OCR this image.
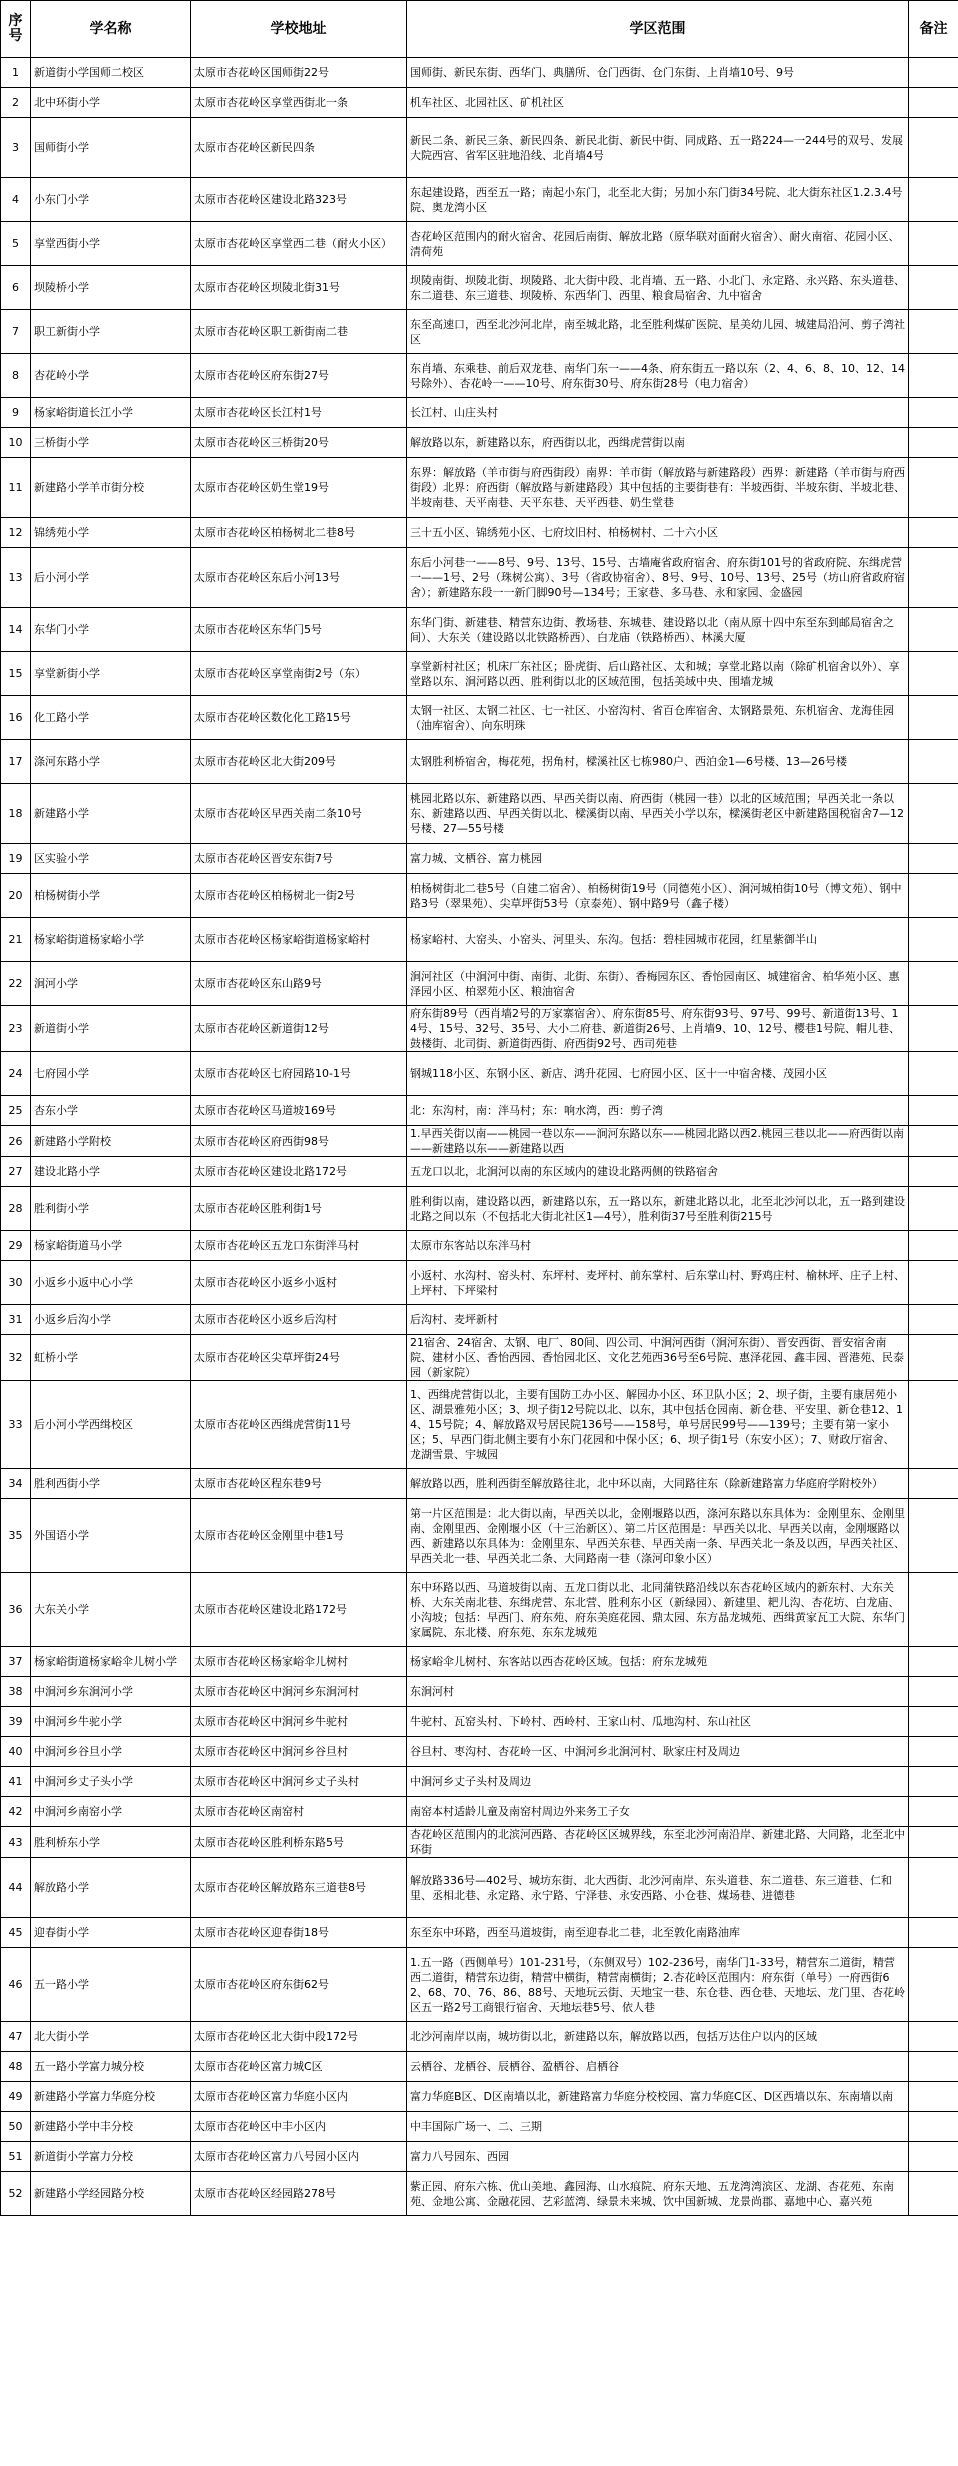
序号	学名称	学校地址	学区范围	备注
1	新道街小学国师二校区	太原市杏花岭区国师街22号	国师街、新民东街、西华门、典膳所、仓门西街、仓门东街、上肖墙10号、9号	
2	北中环街小学	太原市杏花岭区享堂西街北一条	机车社区、北园社区、矿机社区	
3	国师街小学	太原市杏花岭区新民四条	新民二条、新民三条、新民四条、新民北街、新民中街、同成路、五一路224—一244号的双号、发展大院西宫、省军区驻地沿线、北肖墙4号	
4	小东门小学	太原市杏花岭区建设北路323号	东起建设路，西至五一路；南起小东门，北至北大街；另加小东门街34号院、北大街东社区1.2.3.4号院、奥龙湾小区	
5	享堂西街小学	太原市杏花岭区享堂西二巷（耐火小区）	杏花岭区范围内的耐火宿舍、花园后南街、解放北路（原华联对面耐火宿舍）、耐火南宿、花园小区、清荷苑	
6	坝陵桥小学	太原市杏花岭区坝陵北街31号	坝陵南街、坝陵北街、坝陵路、北大街中段、北肖墙、五一路、小北门、永定路、永兴路、东头道巷、东二道巷、东三道巷、坝陵桥、东西华门、西里、粮食局宿舍、九中宿舍	
7	职工新街小学	太原市杏花岭区职工新街南二巷	东至高速口，西至北沙河北岸，南至城北路，北至胜利煤矿医院、星美幼儿园、城建局沿河、剪子湾社区	
8	杏花岭小学	太原市杏花岭区府东街27号	东肖墙、东乘巷、前后双龙巷、南华门东一——4条、府东街五一路以东（2、4、6、8、10、12、14号除外）、杏花岭一——10号、府东街30号、府东街28号（电力宿舍）	
9	杨家峪街道长江小学	太原市杏花岭区长江村1号	长江村、山庄头村	
10	三桥街小学	太原市杏花岭区三桥街20号	解放路以东，新建路以东，府西街以北，西缉虎营街以南	
11	新建路小学羊市街分校	太原市杏花岭区奶生堂19号	东界：解放路（羊市街与府西街段）南界：羊市街（解放路与新建路段）西界：新建路（羊市街与府西街段）北界：府西街（解放路与新建路段）其中包括的主要街巷有：半坡西街、半坡东街、半坡北巷、半坡南巷、天平南巷、天平东巷、天平西巷、奶生堂巷	
12	锦绣苑小学	太原市杏花岭区柏杨树北二巷8号	三十五小区、锦绣苑小区、七府坟旧村、柏杨树村、二十六小区	
13	后小河小学	太原市杏花岭区东后小河13号	东后小河巷一——8号、9号、13号、15号、古墙庵省政府宿舍、府东街101号的省政府院、东缉虎营一——1号、2号（珠树公寓）、3号（省政协宿舍）、8号、9号、10号、13号、25号（坊山府省政府宿舍）；新建路东段一一新门脚90号—134号；王家巷、多马巷、永和家园、金盛园	
14	东华门小学	太原市杏花岭区东华门5号	东华门街、新建巷、精营东边街、教场巷、东城巷、建设路以北（南从原十四中东至东到邮局宿舍之间）、大东关（建设路以北铁路桥西）、白龙庙（铁路桥西）、林溪大厦	
15	享堂新街小学	太原市杏花岭区享堂南街2号（东）	享堂新村社区；机床厂东社区；卧虎街、后山路社区、太和城；享堂北路以南（除矿机宿舍以外）、享堂路以东、涧河路以西、胜利街以北的区域范围，包括美域中央、围墙龙城	
16	化工路小学	太原市杏花岭区数化化工路15号	太钢一社区、太钢二社区、七一社区、小窑沟村、省百仓库宿舍、太钢路景苑、东机宿舍、龙海佳园（油库宿舍）、向东明珠	
17	涤河东路小学	太原市杏花岭区北大街209号	太钢胜利桥宿舍，梅花苑，拐角村，樑溪社区七栋980户、西泊金1—6号楼、13—26号楼	
18	新建路小学	太原市杏花岭区早西关南二条10号	桃园北路以东、新建路以西、早西关街以南、府西街（桃园一巷）以北的区域范围；早西关北一条以东、新建路以西、早西关街以北、樑溪街以南、早西关小学以东，樑溪街老区中新建路国税宿舍7—12号楼、27—55号楼	
19	区实验小学	太原市杏花岭区晋安东街7号	富力城、文栖谷、富力桃园	
20	柏杨树街小学	太原市杏花岭区柏杨树北一街2号	柏杨树街北二巷5号（自建二宿舍）、柏杨树街19号（同德苑小区）、涧河城柏街10号（博文苑）、钢中路3号（翠果苑）、尖草坪街53号（京泰苑）、钢中路9号（鑫子楼）	
21	杨家峪街道杨家峪小学	太原市杏花岭区杨家峪街道杨家峪村	杨家峪村、大窑头、小窑头、河里头、东沟。包括：碧桂园城市花园，红星紫御半山	
22	涧河小学	太原市杏花岭区东山路9号	涧河社区（中涧河中街、南街、北街、东街）、香梅园东区、香怡园南区、城建宿舍、柏华苑小区、惠泽园小区、柏翠苑小区、粮油宿舍	
23	新道街小学	太原市杏花岭区新道街12号	府东街89号（西肖墙2号的万家寨宿舍）、府东街85号、府东街93号、97号、99号、新道街13号、14号、15号、32号、35号、大小二府巷、新道街26号、上肖墙9、10、12号、樱巷1号院、帽儿巷、鼓楼街、北司街、新道街西街、府西街92号、西司苑巷	
24	七府园小学	太原市杏花岭区七府园路10-1号	钢城118小区、东钢小区、新店、鸿升花园、七府园小区、区十一中宿舍楼、茂园小区	
25	杏东小学	太原市杏花岭区马道坡169号	北：东沟村，南：泮马村；东：响水湾，西：剪子湾	
26	新建路小学附校	太原市杏花岭区府西街98号	1.早西关街以南——桃园一巷以东——涧河东路以东——桃园北路以西2.桃园三巷以北——府西街以南——新建路以东——新建路以西	
27	建设北路小学	太原市杏花岭区建设北路172号	五龙口以北，北涧河以南的东区域内的建设北路两侧的铁路宿舍	
28	胜利街小学	太原市杏花岭区胜利街1号	胜利街以南，建设路以西，新建路以东，五一路以东，新建北路以北，北至北沙河以北，五一路到建设北路之间以东（不包括北大街北社区1—4号），胜利街37号至胜利街215号	
29	杨家峪街道马小学	太原市杏花岭区五龙口东街泮马村	太原市东客站以东泮马村	
30	小返乡小返中心小学	太原市杏花岭区小返乡小返村	小返村、水沟村、窑头村、东坪村、麦坪村、前东掌村、后东掌山村、野鸡庄村、榆林坪、庄子上村、上坪村、下坪梁村	
31	小返乡后沟小学	太原市杏花岭区小返乡后沟村	后沟村、麦坪新村	
32	虹桥小学	太原市杏花岭区尖草坪街24号	21宿舍、24宿舍、太钢、电厂、80间、四公司、中涧河西街（涧河东街）、晋安西街、晋安宿舍南院、建材小区、香怡西园、香怡园北区、文化艺苑西36号至6号院、惠泽花园、鑫丰园、晋港苑、民泰园（新家院）	
33	后小河小学西缉校区	太原市杏花岭区西缉虎营街11号	1、西缉虎营街以北，主要有国防工办小区、解园办小区、环卫队小区；2、坝子街，主要有康居苑小区、湖景雅苑小区；3、坝子街12号院以北、以东，其中包括仓园南、新仓巷、平安里、新仓巷12、14、15号院；4、解放路双号居民院136号——158号，单号居民99号——139号；主要有第一家小区；5、早西门街北侧主要有小东门花园和中保小区；6、坝子街1号（东安小区）；7、财政厅宿舍、龙湖雪景、宇城园	
34	胜利西街小学	太原市杏花岭区程东巷9号	解放路以西，胜利西街至解放路往北，北中环以南，大同路往东（除新建路富力华庭府学附校外）	
35	外国语小学	太原市杏花岭区金刚里中巷1号	第一片区范围是：北大街以南，早西关以北，金刚堰路以西，涤河东路以东具体为：金刚里东、金刚里南、金刚里西、金刚堰小区（十三治新区）、第二片区范围是：早西关以北、早西关以南，金刚堰路以西、新建路以东具体为：金刚里东、早西关东巷、早西关南一条、早西关北一条及以西，早西关社区、早西关北一巷、早西关北二条、大同路南一巷（涤河印象小区）	
36	大东关小学	太原市杏花岭区建设北路172号	东中环路以西、马道坡街以南、五龙口街以北、北同蒲铁路沿线以东杏花岭区域内的新东村、大东关桥、大东关南北巷、东缉虎营、东北营、胜利东小区（新绿园）、新建里、耙儿沟、杏花坊、白龙庙、小沟坡；包括：早西门、府东苑、府东美庭花园、鼎太园、东方晶龙城苑、西缉黄家瓦工大院、东华门家属院、东北楼、府东苑、东东龙城苑	
37	杨家峪街道杨家峪伞儿树小学	太原市杏花岭区杨家峪伞儿树村	杨家峪伞儿树村、东客站以西杏花岭区域。包括：府东龙城苑	
38	中涧河乡东涧河小学	太原市杏花岭区中涧河乡东涧河村	东涧河村	
39	中涧河乡牛驼小学	太原市杏花岭区中涧河乡牛驼村	牛驼村、瓦窑头村、下岭村、西岭村、王家山村、瓜地沟村、东山社区	
40	中涧河乡谷旦小学	太原市杏花岭区中涧河乡谷旦村	谷旦村、枣沟村、杏花岭一区、中涧河乡北涧河村、耿家庄村及周边	
41	中涧河乡丈子头小学	太原市杏花岭区中涧河乡丈子头村	中涧河乡丈子头村及周边	
42	中涧河乡南窑小学	太原市杏花岭区南窑村	南窑本村适龄儿童及南窑村周边外来务工子女	
43	胜利桥东小学	太原市杏花岭区胜利桥东路5号	杏花岭区范围内的北滨河西路、杏花岭区区城界线，东至北沙河南沿岸、新建北路、大同路，北至北中环街	
44	解放路小学	太原市杏花岭区解放路东三道巷8号	解放路336号—402号、城坊东街、北大西街、北沙河南岸、东头道巷、东二道巷、东三道巷、仁和里、丞相北巷、永定路、永宁路、宁泽巷、永安西路、小仓巷、煤场巷、进德巷	
45	迎春街小学	太原市杏花岭区迎春街18号	东至东中环路，西至马道坡街，南至迎春北二巷，北至敦化南路油库	
46	五一路小学	太原市杏花岭区府东街62号	1.五一路（西侧单号）101-231号，（东侧双号）102-236号，南华门1-33号，精营东二道街，精营西二道街，精营东边街，精营中横街，精营南横街；2.杏花岭区范围内：府东街（单号）一府西街62、68、70、76、86、88号、天地玩云街、天地宝一巷、东仓巷、西仓巷、天地坛、龙门里、杏花岭区五一路2号工商银行宿舍、天地坛巷5号、依人巷	
47	北大街小学	太原市杏花岭区北大街中段172号	北沙河南岸以南，城坊街以北，新建路以东，解放路以西，包括万达住户以内的区域	
48	五一路小学富力城分校	太原市杏花岭区富力城C区	云栖谷、龙栖谷、辰栖谷、盈栖谷、启栖谷	
49	新建路小学富力华庭分校	太原市杏花岭区富力华庭小区内	富力华庭B区、D区南墙以北，新建路富力华庭分校校园、富力华庭C区、D区西墙以东、东南墙以南	
50	新建路小学中丰分校	太原市杏花岭区中丰小区内	中丰国际广场一、二、三期	
51	新道街小学富力分校	太原市杏花岭区富力八号园小区内	富力八号园东、西园	
52	新建路小学经园路分校	太原市杏花岭区经园路278号	紫正园、府东六栋、优山美地、鑫园海、山水痕院、府东天地、五龙湾湾滨区、龙湖、杏花苑、东南苑、金地公寓、金融花园、艺彩蓝湾、绿景未来城、饮中国新城、龙景尚郡、嘉地中心、嘉兴苑	
